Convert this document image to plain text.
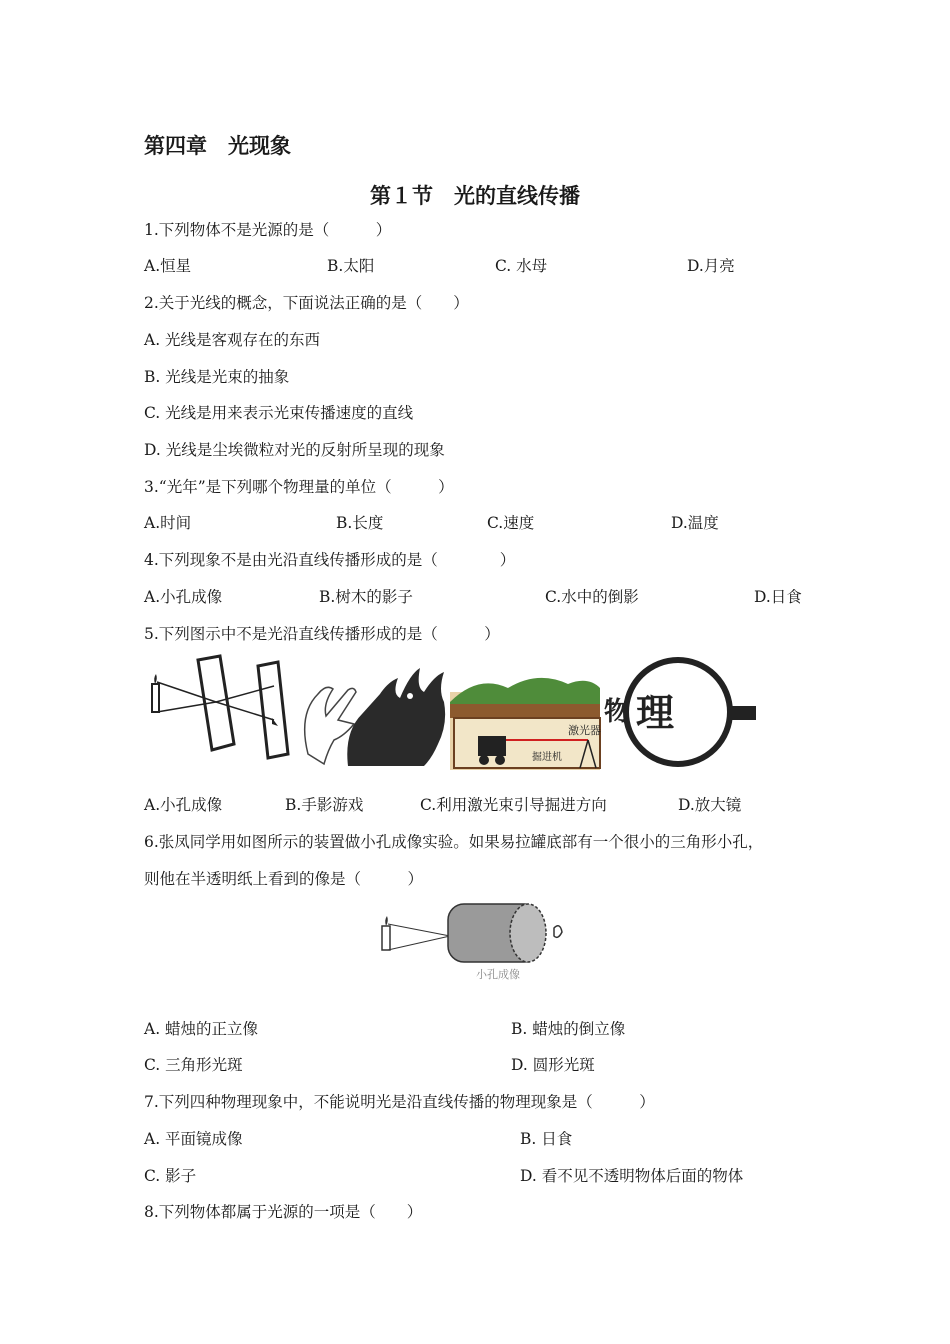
第四章　光现象
第１节　光的直线传播
1.下列物体不是光源的是（　　　）
A.恒星	B.太阳	C. 水母	D.月亮
2.关于光线的概念，下面说法正确的是（　　）
A. 光线是客观存在的东西
B. 光线是光束的抽象
C. 光线是用来表示光束传播速度的直线
D. 光线是尘埃微粒对光的反射所呈现的现象
3.“光年”是下列哪个物理量的单位（　　　）
A.时间	B.长度	C.速度	D.温度
4.下列现象不是由光沿直线传播形成的是（　　　　）
A.小孔成像	B.树木的影子	C.水中的倒影	D.日食
5.下列图示中不是光沿直线传播形成的是（　　　）
激光器
掘进机
物 理
A.小孔成像	B.手影游戏	C.利用激光束引导掘进方向	D.放大镜
6.张凤同学用如图所示的装置做小孔成像实验。如果易拉罐底部有一个很小的三角形小孔，
则他在半透明纸上看到的像是（　　　）
小孔成像
A. 蜡烛的正立像	B. 蜡烛的倒立像
C. 三角形光斑	D. 圆形光斑
7.下列四种物理现象中，不能说明光是沿直线传播的物理现象是（　　　）
A. 平面镜成像	B. 日食
C. 影子	D. 看不见不透明物体后面的物体
8.下列物体都属于光源的一项是（　　）
